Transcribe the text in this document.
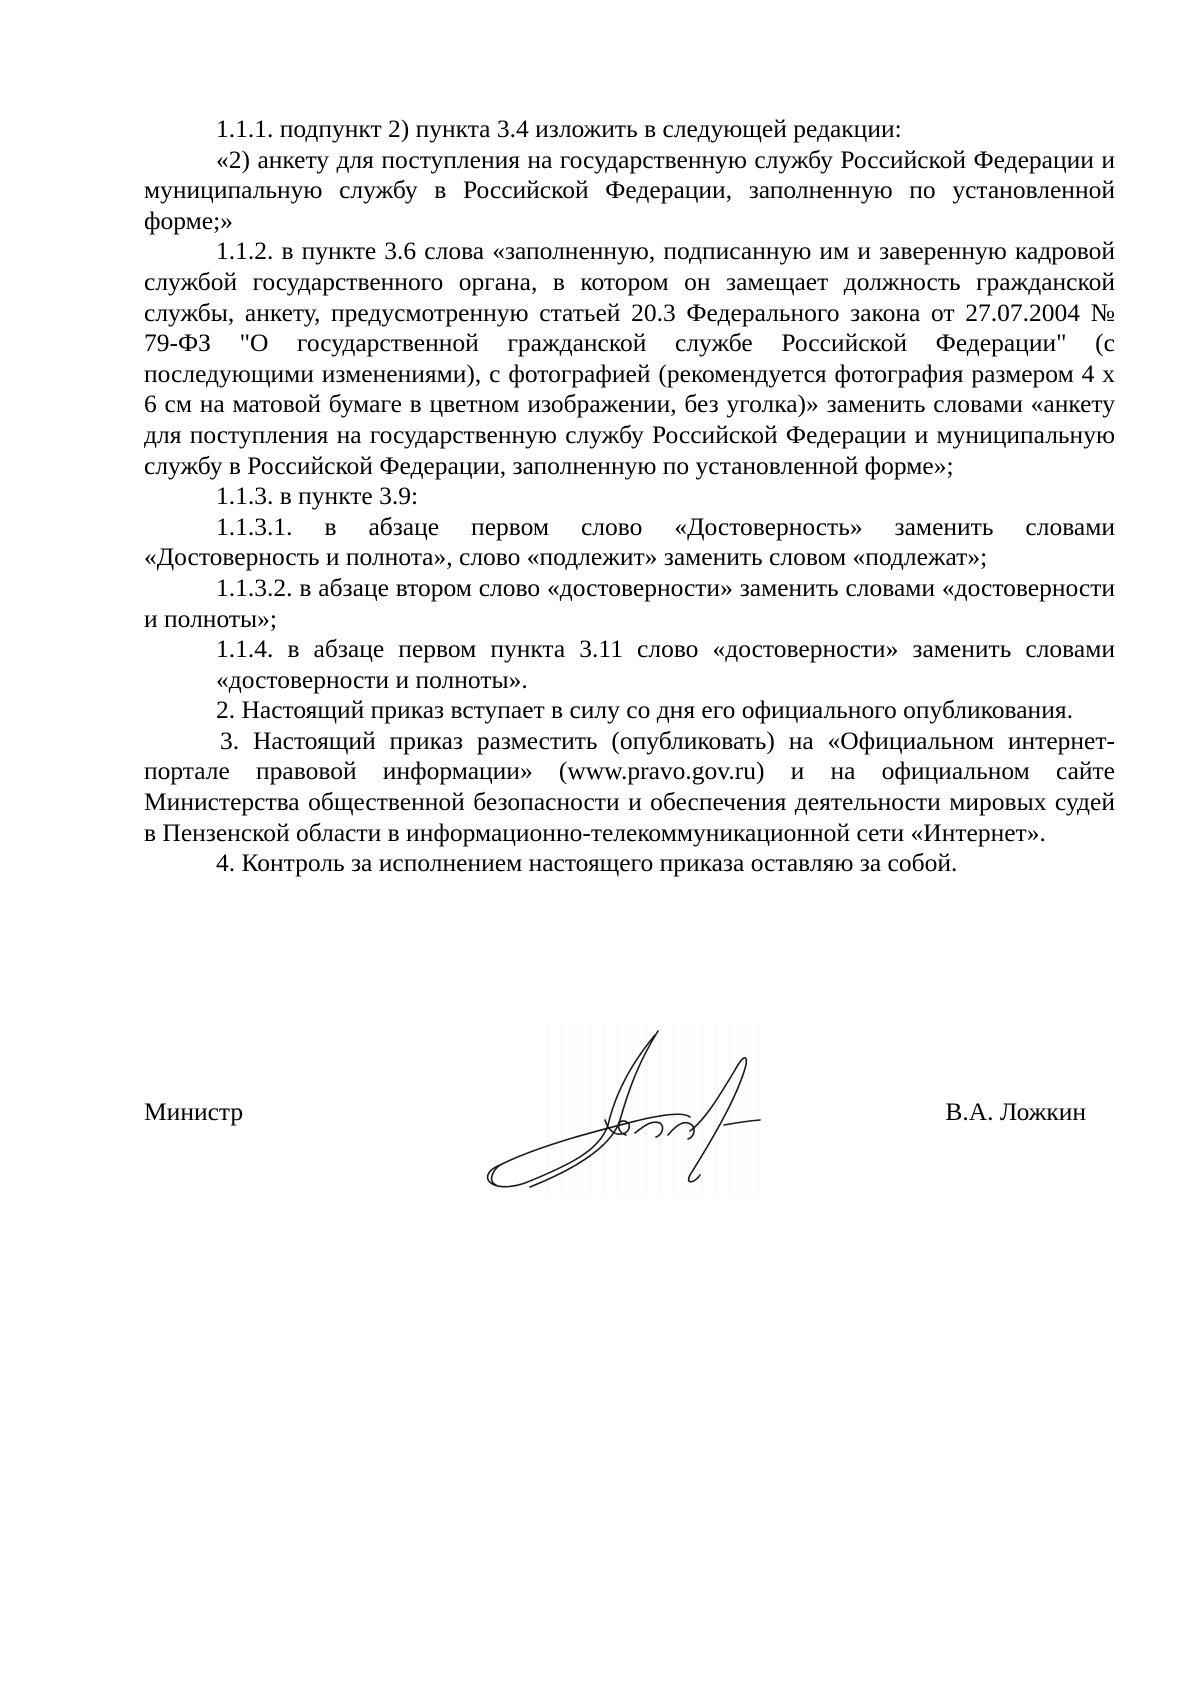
1.1.1. подпункт 2) пункта 3.4 изложить в следующей редакции:

«2) анкету для поступления на государственную службу Российской Федерации и муниципальную службу в Российской Федерации, заполненную по установленной форме;»

1.1.2. в пункте 3.6 слова «заполненную, подписанную им и заверенную кадровой службой государственного органа, в котором он замещает должность гражданской службы, анкету, предусмотренную статьей 20.3 Федерального закона от 27.07.2004 № 79-ФЗ "О государственной гражданской службе Российской Федерации" (с последующими изменениями), с фотографией (рекомендуется фотография размером 4 x 6 см на матовой бумаге в цветном изображении, без уголка)» заменить словами «анкету для поступления на государственную службу Российской Федерации и муниципальную службу в Российской Федерации, заполненную по установленной форме»;

1.1.3. в пункте 3.9:

1.1.3.1. в абзаце первом слово «Достоверность» заменить словами «Достоверность и полнота», слово «подлежит» заменить словом «подлежат»;

1.1.3.2. в абзаце втором слово «достоверности» заменить словами «достоверности и полноты»;

1.1.4. в абзаце первом пункта 3.11 слово «достоверности» заменить словами «достоверности и полноты».

2. Настоящий приказ вступает в силу со дня его официального опубликования.

3. Настоящий приказ разместить (опубликовать) на «Официальном интернет-портале правовой информации» (www.pravo.gov.ru) и на официальном сайте Министерства общественной безопасности и обеспечения деятельности мировых судей в Пензенской области в информационно-телекоммуникационной сети «Интернет».

4. Контроль за исполнением настоящего приказа оставляю за собой.

Министр	В.А. Ложкин
